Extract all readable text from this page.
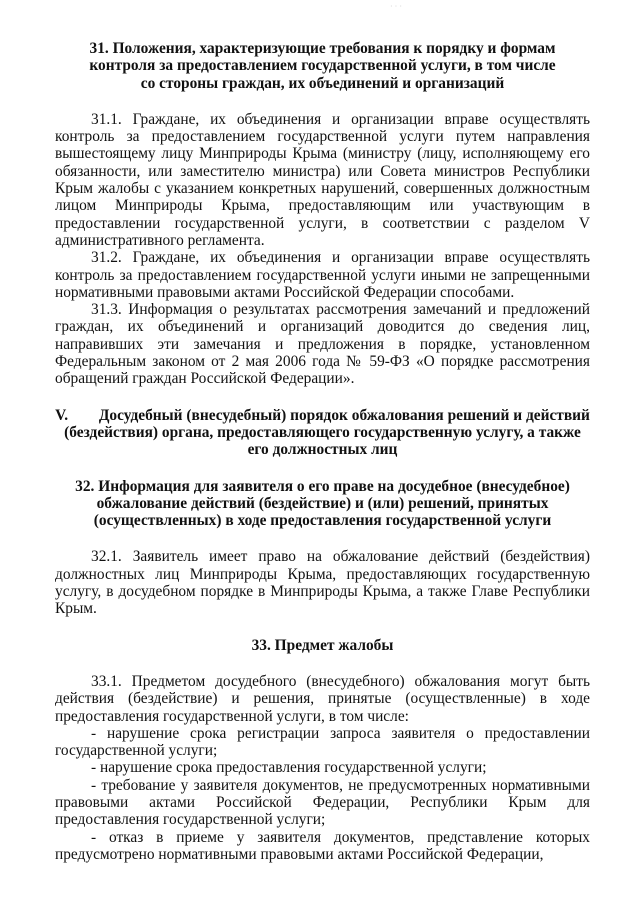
· · ·

31. Положения, характеризующие требования к порядку и формам контроля за предоставлением государственной услуги, в том числе со стороны граждан, их объединений и организаций

31.1. Граждане, их объединения и организации вправе осуществлять контроль за предоставлением государственной услуги путем направления вышестоящему лицу Минприроды Крыма (министру (лицу, исполняющему его обязанности, или заместителю министра) или Совета министров Республики Крым жалобы с указанием конкретных нарушений, совершенных должностным лицом Минприроды Крыма, предоставляющим или участвующим в предоставлении государственной услуги, в соответствии с разделом V административного регламента.

31.2. Граждане, их объединения и организации вправе осуществлять контроль за предоставлением государственной услуги иными не запрещенными нормативными правовыми актами Российской Федерации способами.

31.3. Информация о результатах рассмотрения замечаний и предложений граждан, их объединений и организаций доводится до сведения лиц, направивших эти замечания и предложения в порядке, установленном Федеральным законом от 2 мая 2006 года № 59-ФЗ «О порядке рассмотрения обращений граждан Российской Федерации».

V.  Досудебный (внесудебный) порядок обжалования решений и действий (бездействия) органа, предоставляющего государственную услугу, а также его должностных лиц

32. Информация для заявителя о его праве на досудебное (внесудебное) обжалование действий (бездействие) и (или) решений, принятых (осуществленных) в ходе предоставления государственной услуги

32.1. Заявитель имеет право на обжалование действий (бездействия) должностных лиц Минприроды Крыма, предоставляющих государственную услугу, в досудебном порядке в Минприроды Крыма, а также Главе Республики Крым.

33. Предмет жалобы

33.1. Предметом досудебного (внесудебного) обжалования могут быть действия (бездействие) и решения, принятые (осуществленные) в ходе предоставления государственной услуги, в том числе:

- нарушение срока регистрации запроса заявителя о предоставлении государственной услуги;

- нарушение срока предоставления государственной услуги;

- требование у заявителя документов, не предусмотренных нормативными правовыми актами Российской Федерации, Республики Крым для предоставления государственной услуги;

- отказ в приеме у заявителя документов, представление которых предусмотрено нормативными правовыми актами Российской Федерации,
